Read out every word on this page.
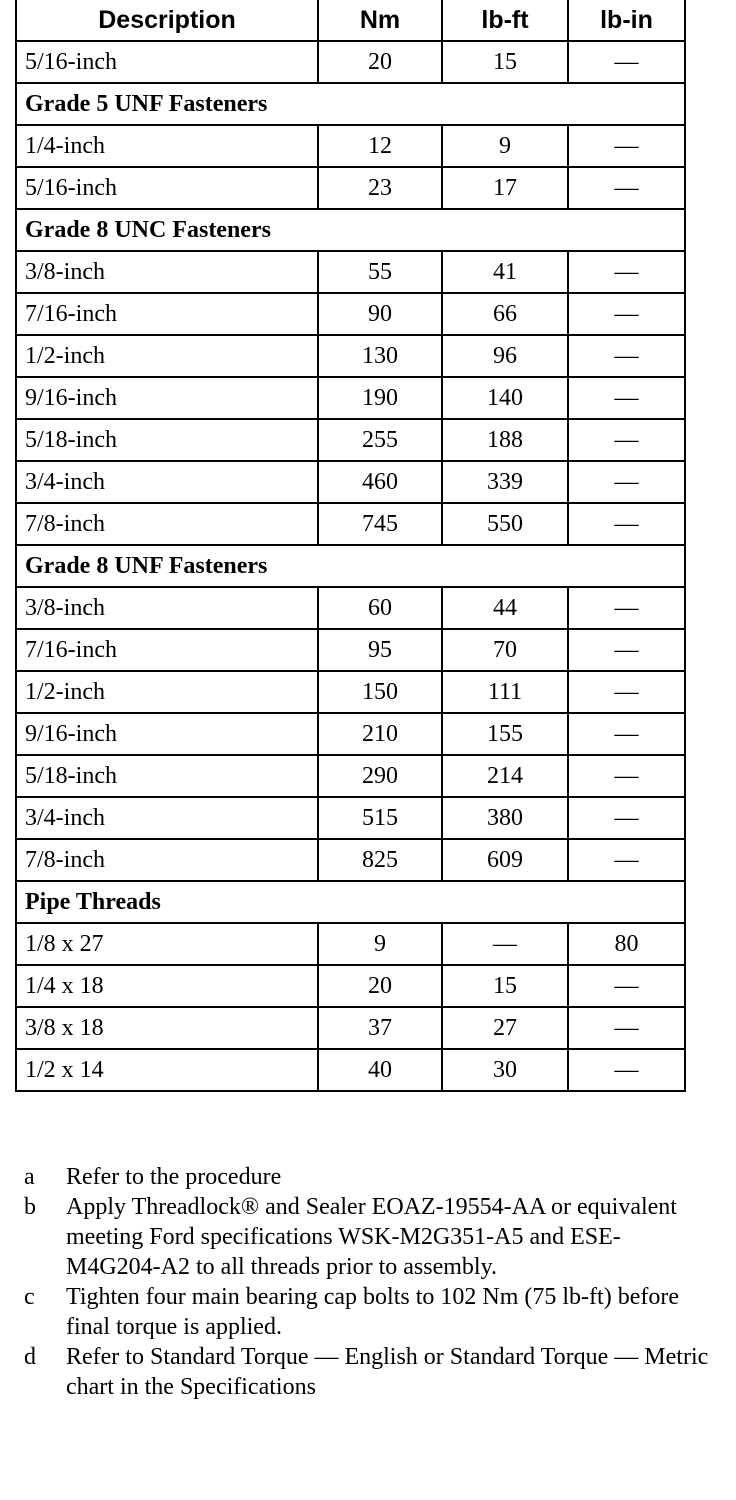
Description	Nm	lb-ft	lb-in
5/16-inch	20	15	—
Grade 5 UNF Fasteners			
1/4-inch	12	9	—
5/16-inch	23	17	—
Grade 8 UNC Fasteners			
3/8-inch	55	41	—
7/16-inch	90	66	—
1/2-inch	130	96	—
9/16-inch	190	140	—
5/18-inch	255	188	—
3/4-inch	460	339	—
7/8-inch	745	550	—
Grade 8 UNF Fasteners			
3/8-inch	60	44	—
7/16-inch	95	70	—
1/2-inch	150	111	—
9/16-inch	210	155	—
5/18-inch	290	214	—
3/4-inch	515	380	—
7/8-inch	825	609	—
Pipe Threads			
1/8 x 27	9	—	80
1/4 x 18	20	15	—
3/8 x 18	37	27	—
1/2 x 14	40	30	—
a	Refer to the procedure
b	Apply Threadlock® and Sealer EOAZ-19554-AA or equivalent meeting Ford specifications WSK-M2G351-A5 and ESE-M4G204-A2 to all threads prior to assembly.
c	Tighten four main bearing cap bolts to 102 Nm (75 lb-ft) before final torque is applied.
d	Refer to Standard Torque — English or Standard Torque — Metric chart in the Specifications
